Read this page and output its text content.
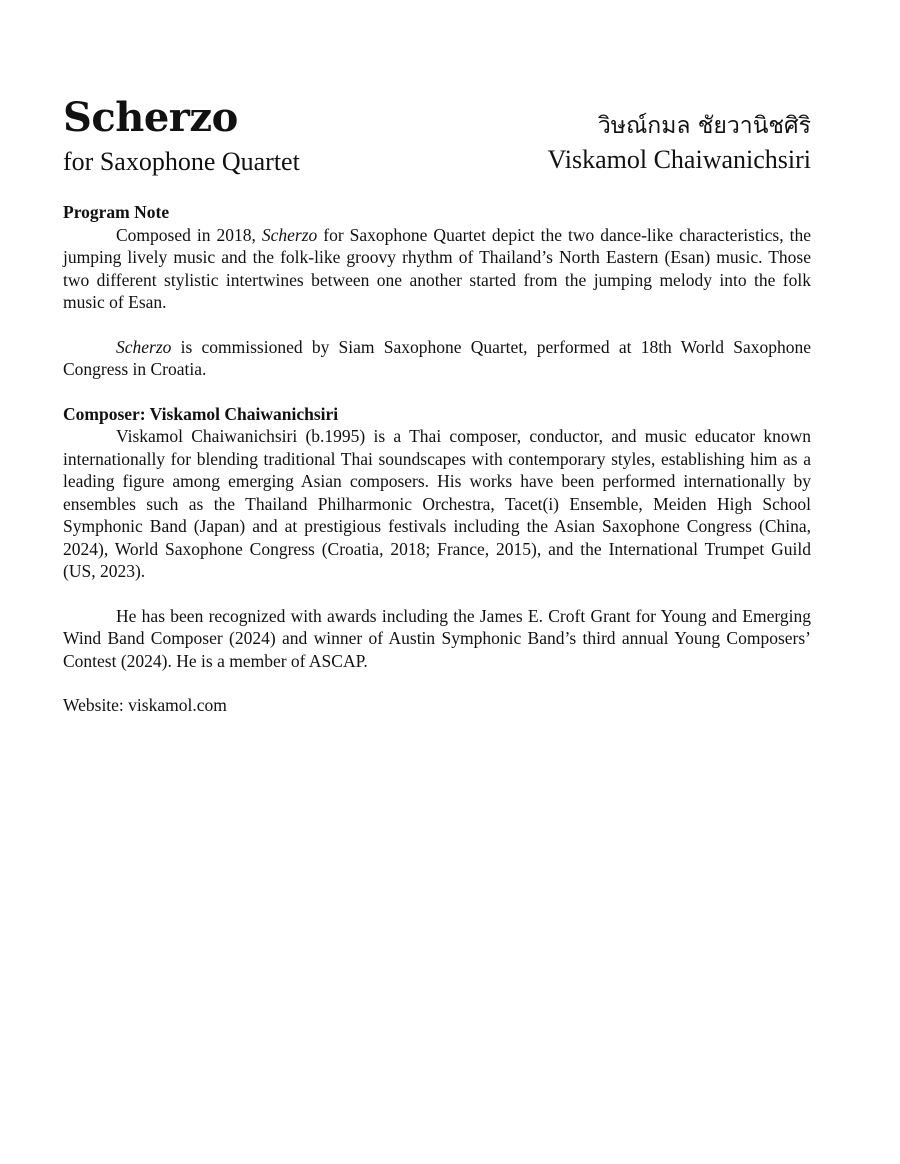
Scherzo
for Saxophone Quartet
วิษณ์กมล ชัยวานิชศิริ
Viskamol Chaiwanichsiri

Program Note

Composed in 2018, Scherzo for Saxophone Quartet depict the two dance-like characteristics, the jumping lively music and the folk-like groovy rhythm of Thailand’s North Eastern (Esan) music. Those two different stylistic intertwines between one another started from the jumping melody into the folk music of Esan.

Scherzo is commissioned by Siam Saxophone Quartet, performed at 18th World Saxophone Congress in Croatia.

Composer: Viskamol Chaiwanichsiri

Viskamol Chaiwanichsiri (b.1995) is a Thai composer, conductor, and music educator known internationally for blending traditional Thai soundscapes with contemporary styles, establishing him as a leading figure among emerging Asian composers. His works have been performed internationally by ensembles such as the Thailand Philharmonic Orchestra, Tacet(i) Ensemble, Meiden High School Symphonic Band (Japan) and at prestigious festivals including the Asian Saxophone Congress (China, 2024), World Saxophone Congress (Croatia, 2018; France, 2015), and the International Trumpet Guild (US, 2023).

He has been recognized with awards including the James E. Croft Grant for Young and Emerging Wind Band Composer (2024) and winner of Austin Symphonic Band’s third annual Young Composers’ Contest (2024). He is a member of ASCAP.

Website: viskamol.com
